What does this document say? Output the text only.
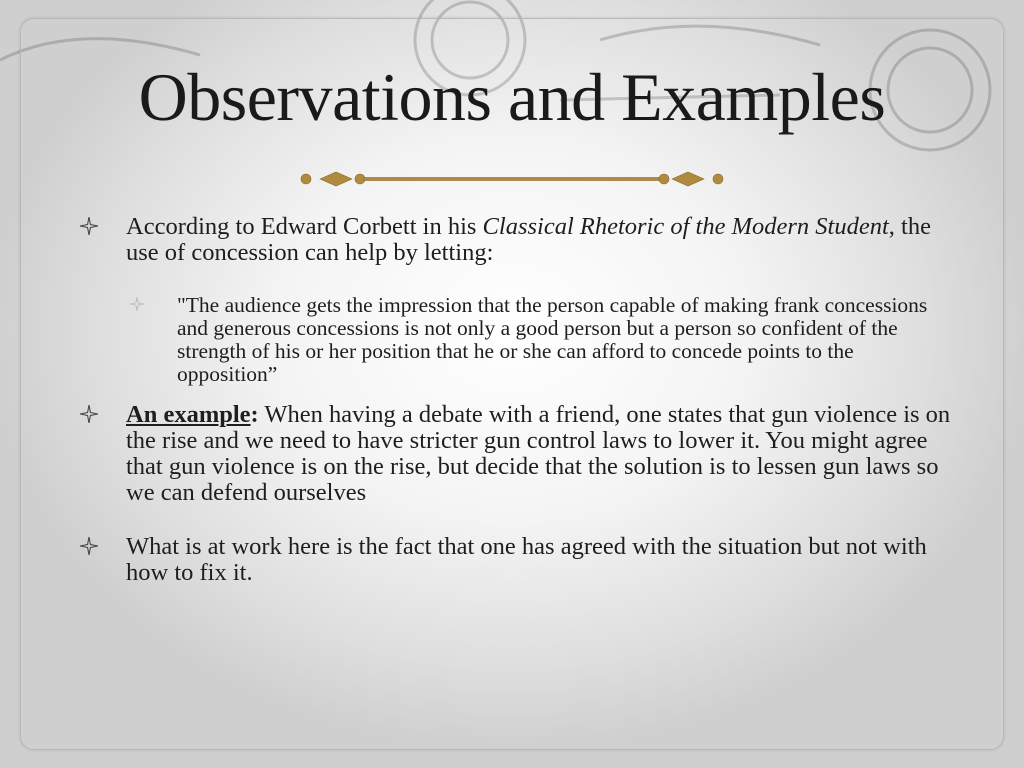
Observations and Examples
According to Edward Corbett in his Classical Rhetoric of the Modern Student, the use of concession can help by letting:
"The audience gets the impression that the person capable of making frank concessions and generous concessions is not only a good person but a person so confident of the strength of his or her position that he or she can afford to concede points to the opposition”
An example: When having a debate with a friend, one states that gun violence is on the rise and we need to have stricter gun control laws to lower it. You might agree that gun violence is on the rise, but decide that the solution is to lessen gun laws so we can defend ourselves
What is at work here is the fact that one has agreed with the situation but not with how to fix it.
